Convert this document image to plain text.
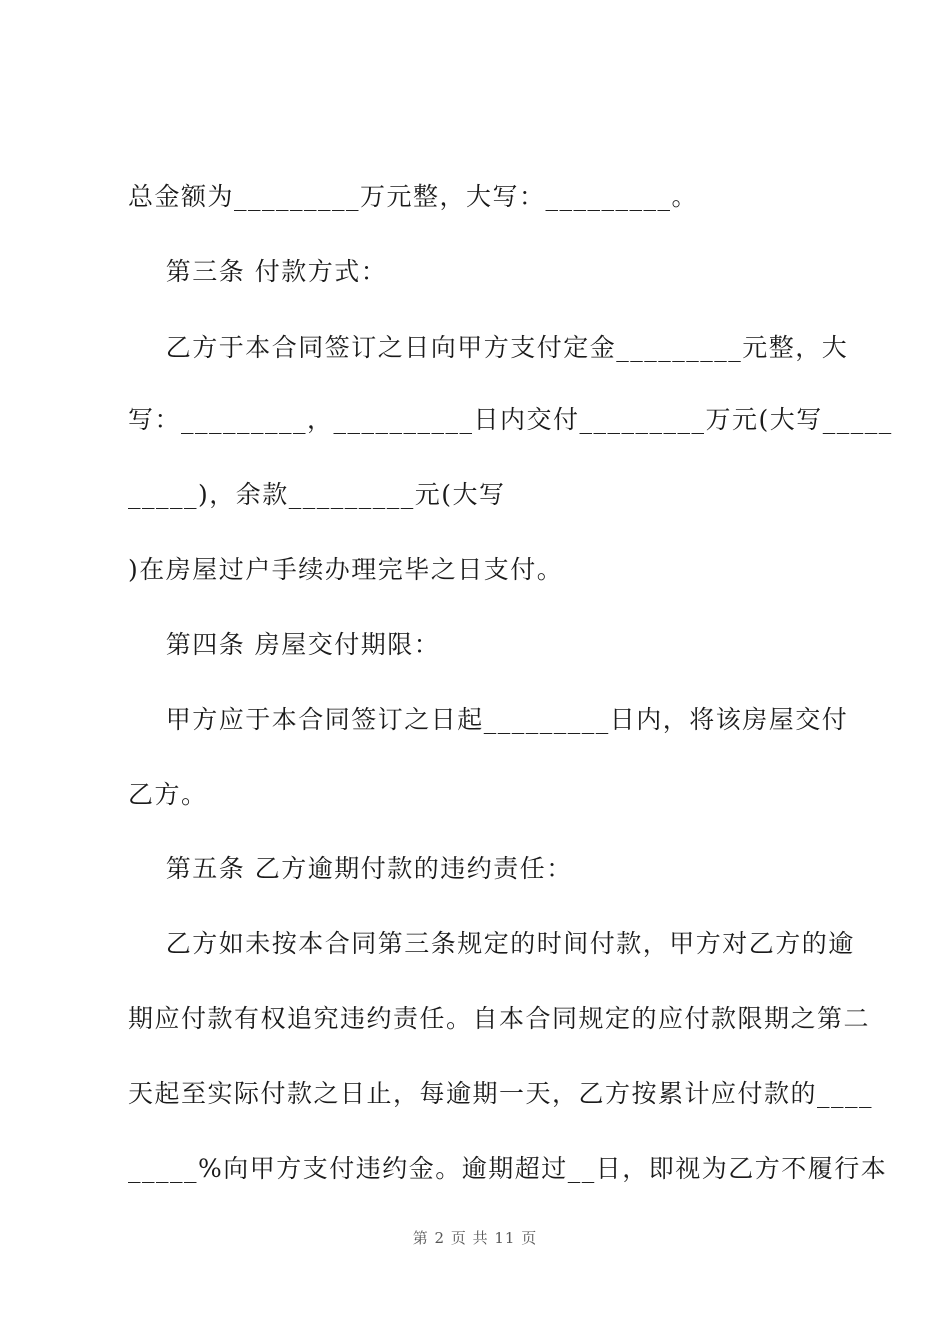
总金额为_________万元整，大写：_________。
第三条 付款方式：
乙方于本合同签订之日向甲方支付定金_________元整，大
写：_________，__________日内交付_________万元(大写_____
_____)，余款_________元(大写
)在房屋过户手续办理完毕之日支付。
第四条 房屋交付期限：
甲方应于本合同签订之日起_________日内，将该房屋交付
乙方。
第五条 乙方逾期付款的违约责任：
乙方如未按本合同第三条规定的时间付款，甲方对乙方的逾
期应付款有权追究违约责任。自本合同规定的应付款限期之第二
天起至实际付款之日止，每逾期一天，乙方按累计应付款的____
_____%向甲方支付违约金。逾期超过__日，即视为乙方不履行本
第 2 页 共 11 页
